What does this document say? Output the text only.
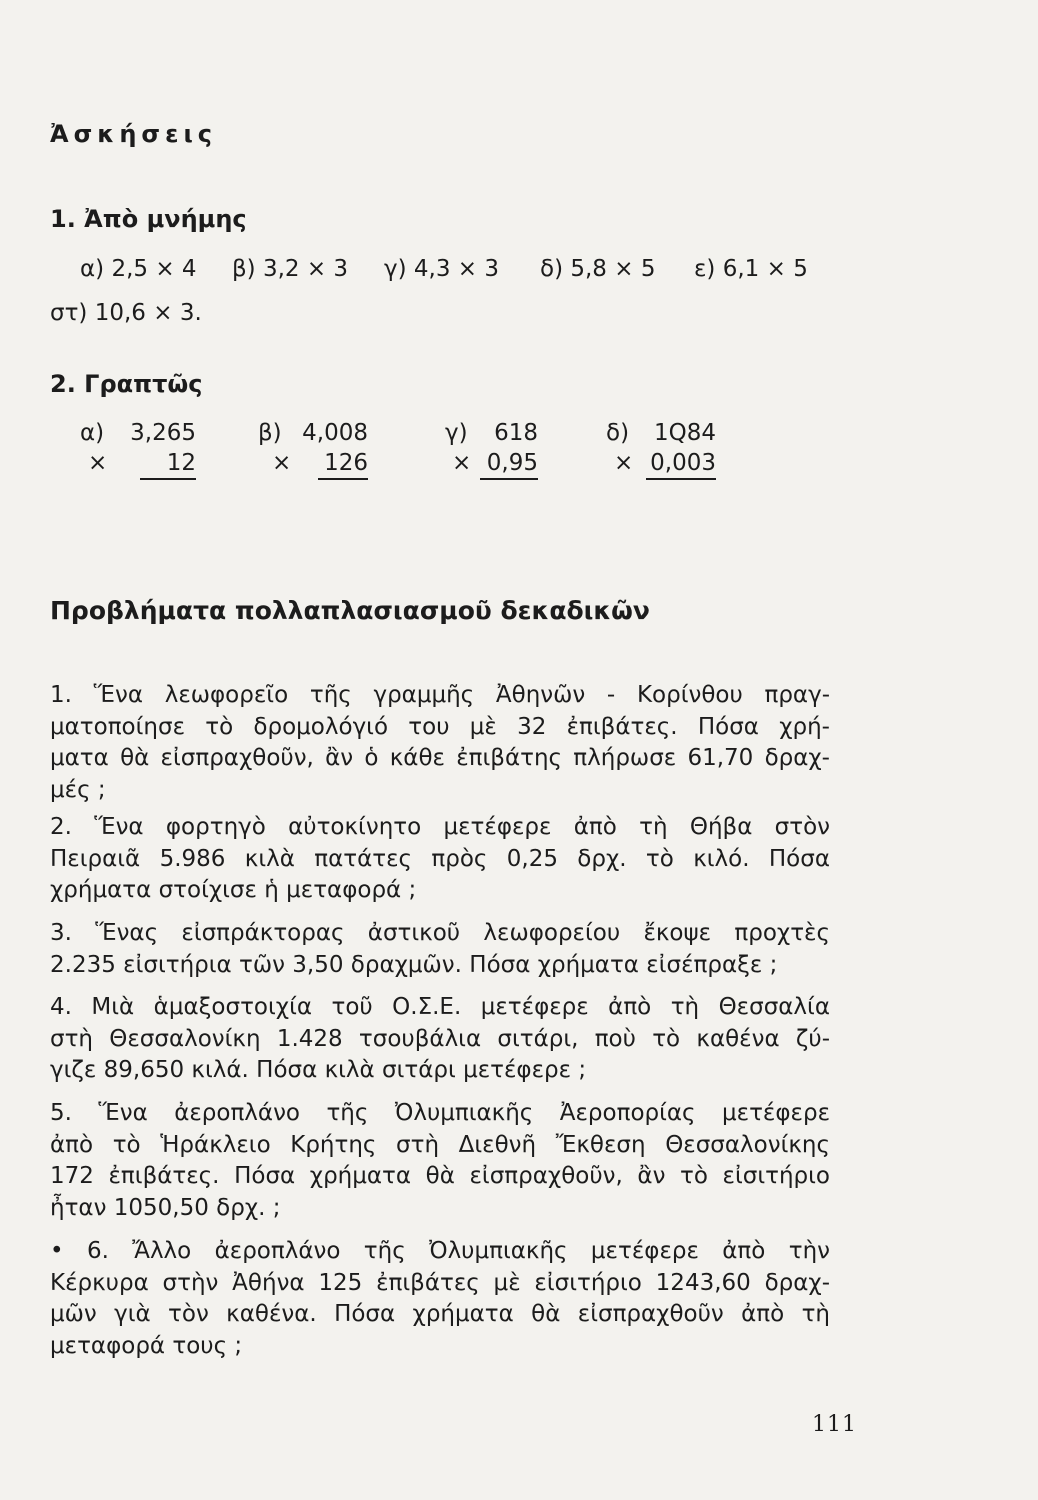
Ἀσκήσεις
1. Ἀπὸ μνήμης
α) 2,5 × 4 β) 3,2 × 3 γ) 4,3 × 3 δ) 5,8 × 5 ε) 6,1 × 5
στ) 10,6 × 3.
2. Γραπτῶς
α)	3,265
×	12
β) 4,008
× 126
γ)	618
× 0,95
δ) 1Q84
× 0,003
Προβλήματα πολλαπλασιασμοῦ δεκαδικῶν
1. Ἕνα λεωφορεῖο τῆς γραμμῆς Ἀθηνῶν - Κορίνθου πραγ-
ματοποίησε τὸ δρομολόγιό του μὲ 32 ἐπιβάτες. Πόσα χρή-
ματα θὰ εἰσπραχθοῦν, ἂν ὁ κάθε ἐπιβάτης πλήρωσε 61,70 δραχ-
μές ;
2. Ἕνα φορτηγὸ αὐτοκίνητο μετέφερε ἀπὸ τὴ Θήβα στὸν
Πειραιᾶ 5.986 κιλὰ πατάτες πρὸς 0,25 δρχ. τὸ κιλό. Πόσα
χρήματα στοίχισε ἡ μεταφορά ;
3. Ἕνας εἰσπράκτορας ἀστικοῦ λεωφορείου ἔκοψε προχτὲς
2.235 εἰσιτήρια τῶν 3,50 δραχμῶν. Πόσα χρήματα εἰσέπραξε ;
4. Μιὰ ἁμαξοστοιχία τοῦ Ο.Σ.Ε. μετέφερε ἀπὸ τὴ Θεσσαλία
στὴ Θεσσαλονίκη 1.428 τσουβάλια σιτάρι, ποὺ τὸ καθένα ζύ-
γιζε 89,650 κιλά. Πόσα κιλὰ σιτάρι μετέφερε ;
5. Ἕνα ἀεροπλάνο τῆς Ὀλυμπιακῆς Ἀεροπορίας μετέφερε
ἀπὸ τὸ Ἡράκλειο Κρήτης στὴ Διεθνῆ Ἔκθεση Θεσσαλονίκης
172 ἐπιβάτες. Πόσα χρήματα θὰ εἰσπραχθοῦν, ἂν τὸ εἰσιτήριο
ἦταν 1050,50 δρχ. ;
• 6. Ἄλλο ἀεροπλάνο τῆς Ὀλυμπιακῆς μετέφερε ἀπὸ τὴν
Κέρκυρα στὴν Ἀθήνα 125 ἐπιβάτες μὲ εἰσιτήριο 1243,60 δραχ-
μῶν γιὰ τὸν καθένα. Πόσα χρήματα θὰ εἰσπραχθοῦν ἀπὸ τὴ
μεταφορά τους ;
111
